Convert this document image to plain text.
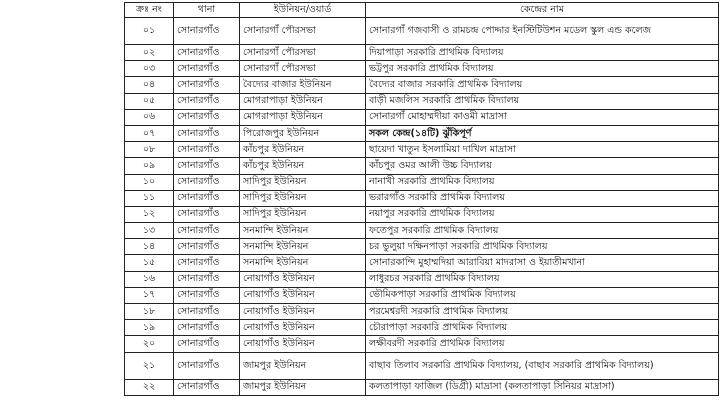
ক্রঃ নং	থানা	ইউনিয়ন/ওয়ার্ড	কেন্দ্রের নাম
০১	সোনারগাঁও	সোনারগাঁ পৌরসভা	সোনারগাঁ গজবাসী ও রামচন্দ্র পোদ্দার ইনস্টিটিউশন মডেল স্কুল এন্ড কলেজ
০২	সোনারগাঁও	সোনারগাঁ পৌরসভা	দিয়াপাড়া সরকারি প্রাথমিক বিদ্যালয়
০৩	সোনারগাঁও	সোনারগাঁ পৌরসভা	ভট্টপুর সরকারি প্রাথমিক বিদ্যালয়
০৪	সোনারগাঁও	বৈদ্যের বাজার ইউনিয়ন	বৈদ্যের বাজার সরকারি প্রাথমিক বিদ্যালয়
০৫	সোনারগাঁও	মোগরাপাড়া ইউনিয়ন	বাড়ী মজলিস সরকারি প্রাথমিক বিদ্যালয়
০৬	সোনারগাঁও	মোগরাপাড়া ইউনিয়ন	সোনারগাঁ মোহাম্মদীয়া কাওমী মাদ্রাসা
০৭	সোনারগাঁও	পিরোজপুর ইউনিয়ন	সকল কেন্দ্র(১৪টি) ঝুঁকিপূর্ণ
০৮	সোনারগাঁও	কাঁচপুর ইউনিয়ন	ছায়েদা খাতুন ইসলামিয়া দাখিল মাদ্রাসা
০৯	সোনারগাঁও	কাঁচপুর ইউনিয়ন	কাঁচপুর ওমর আলী উচ্চ বিদ্যালয়
১০	সোনারগাঁও	সাদিপুর ইউনিয়ন	নানাখী সরকারি প্রাথমিক বিদ্যালয়
১১	সোনারগাঁও	সাদিপুর ইউনিয়ন	ভরারগাঁও সরকারি প্রাথমিক বিদ্যালয়
১২	সোনারগাঁও	সাদিপুর ইউনিয়ন	নয়াপুর সরকারি প্রাথমিক বিদ্যালয়
১৩	সোনারগাঁও	সনমান্দি ইউনিয়ন	ফতেপুর সরকারি প্রাথমিক বিদ্যালয়
১৪	সোনারগাঁও	সনমান্দি ইউনিয়ন	চর ভুলুয়া দক্ষিনপাড়া সরকারি প্রাথমিক বিদ্যালয়
১৫	সোনারগাঁও	সনমান্দি ইউনিয়ন	সোনারকান্দি মুহাম্মদিয়া আরাবিয়া মাদরাসা ও ইয়াতীমখানা
১৬	সোনারগাঁও	নোয়াগাঁও ইউনিয়ন	লাধুরচর সরকারি প্রাথমিক বিদ্যালয়
১৭	সোনারগাঁও	নোয়াগাঁও ইউনিয়ন	ভৌমিকপাড়া সরকারি প্রাথমিক বিদ্যালয়
১৮	সোনারগাঁও	নোয়াগাঁও ইউনিয়ন	পরমেশ্বরদী সরকারি প্রাথমিক বিদ্যালয়
১৯	সোনারগাঁও	নোয়াগাঁও ইউনিয়ন	চৌরাপাড়া সরকারি প্রাথমিক বিদ্যালয়
২০	সোনারগাঁও	নোয়াগাঁও ইউনিয়ন	লক্ষীবরদী সরকারি প্রাথমিক বিদ্যালয়
২১	সোনারগাঁও	জামপুর ইউনিয়ন	বাছাব তিলাব সরকারি প্রাথমিক বিদ্যালয়, (বাছাব সরকারি প্রাথমিক বিদ্যালয়)
২২	সোনারগাঁও	জামপুর ইউনিয়ন	কলতাপাড়া ফাজিল (ডিগ্রী) মাদ্রাসা (কলতাপাড়া সিনিয়র মাদ্রাসা)
